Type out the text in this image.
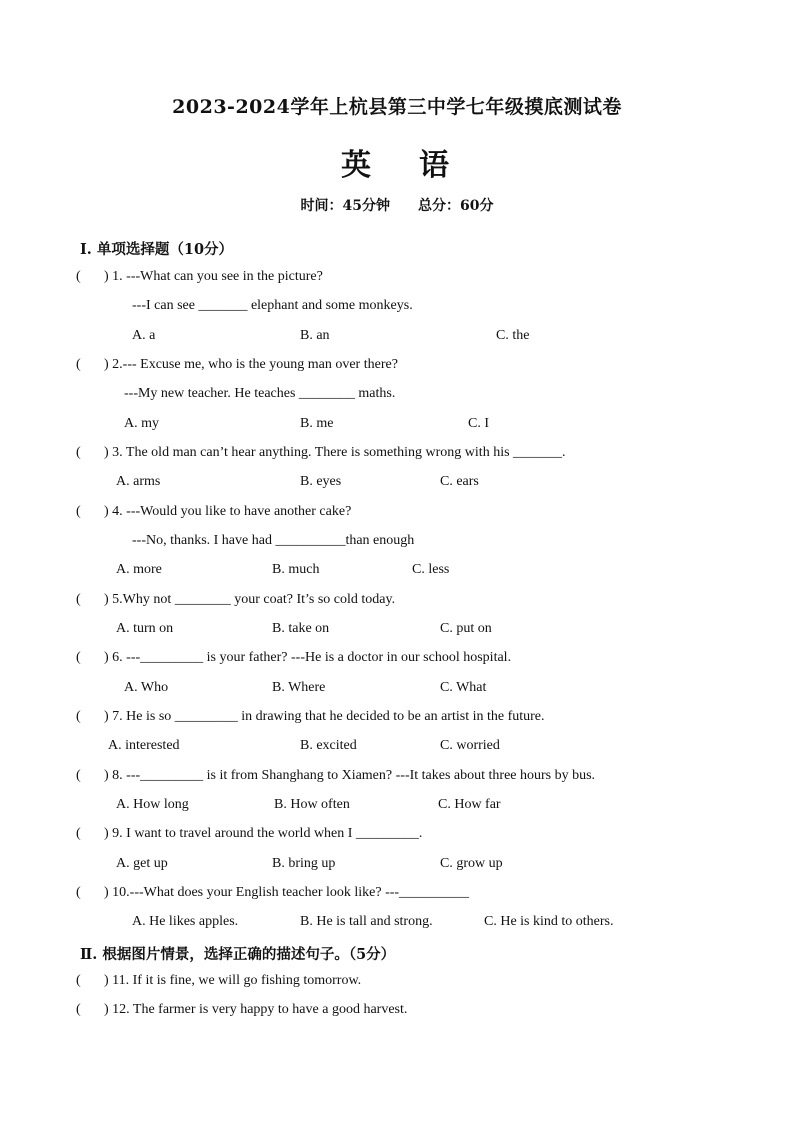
2023-2024学年上杭县第三中学七年级摸底测试卷
英 语
时间：45分钟 总分：60分
Ⅰ. 单项选择题（10分）
( ) 1. ---What can you see in the picture?
---I can see _______ elephant and some monkeys.
A. a	B. an	C. the
( ) 2.--- Excuse me, who is the young man over there?
---My new teacher. He teaches ________ maths.
A. my	B. me	C. I
( ) 3. The old man can’t hear anything. There is something wrong with his _______.
A. arms	B. eyes	C. ears
( ) 4. ---Would you like to have another cake?
---No, thanks. I have had __________than enough
A. more	B. much	C. less
( ) 5.Why not ________ your coat? It’s so cold today.
A. turn on	B. take on	C. put on
( ) 6. ---_________ is your father? ---He is a doctor in our school hospital.
A. Who	B. Where	C. What
( ) 7. He is so _________ in drawing that he decided to be an artist in the future.
A. interested	B. excited	C. worried
( ) 8. ---_________ is it from Shanghang to Xiamen? ---It takes about three hours by bus.
A. How long	B. How often	C. How far
( ) 9. I want to travel around the world when I _________.
A. get up	B. bring up	C. grow up
( ) 10.---What does your English teacher look like? ---__________
A. He likes apples.	B. He is tall and strong.	C. He is kind to others.
Ⅱ. 根据图片情景，选择正确的描述句子。（5分）
( ) 11. If it is fine, we will go fishing tomorrow.
( ) 12. The farmer is very happy to have a good harvest.
